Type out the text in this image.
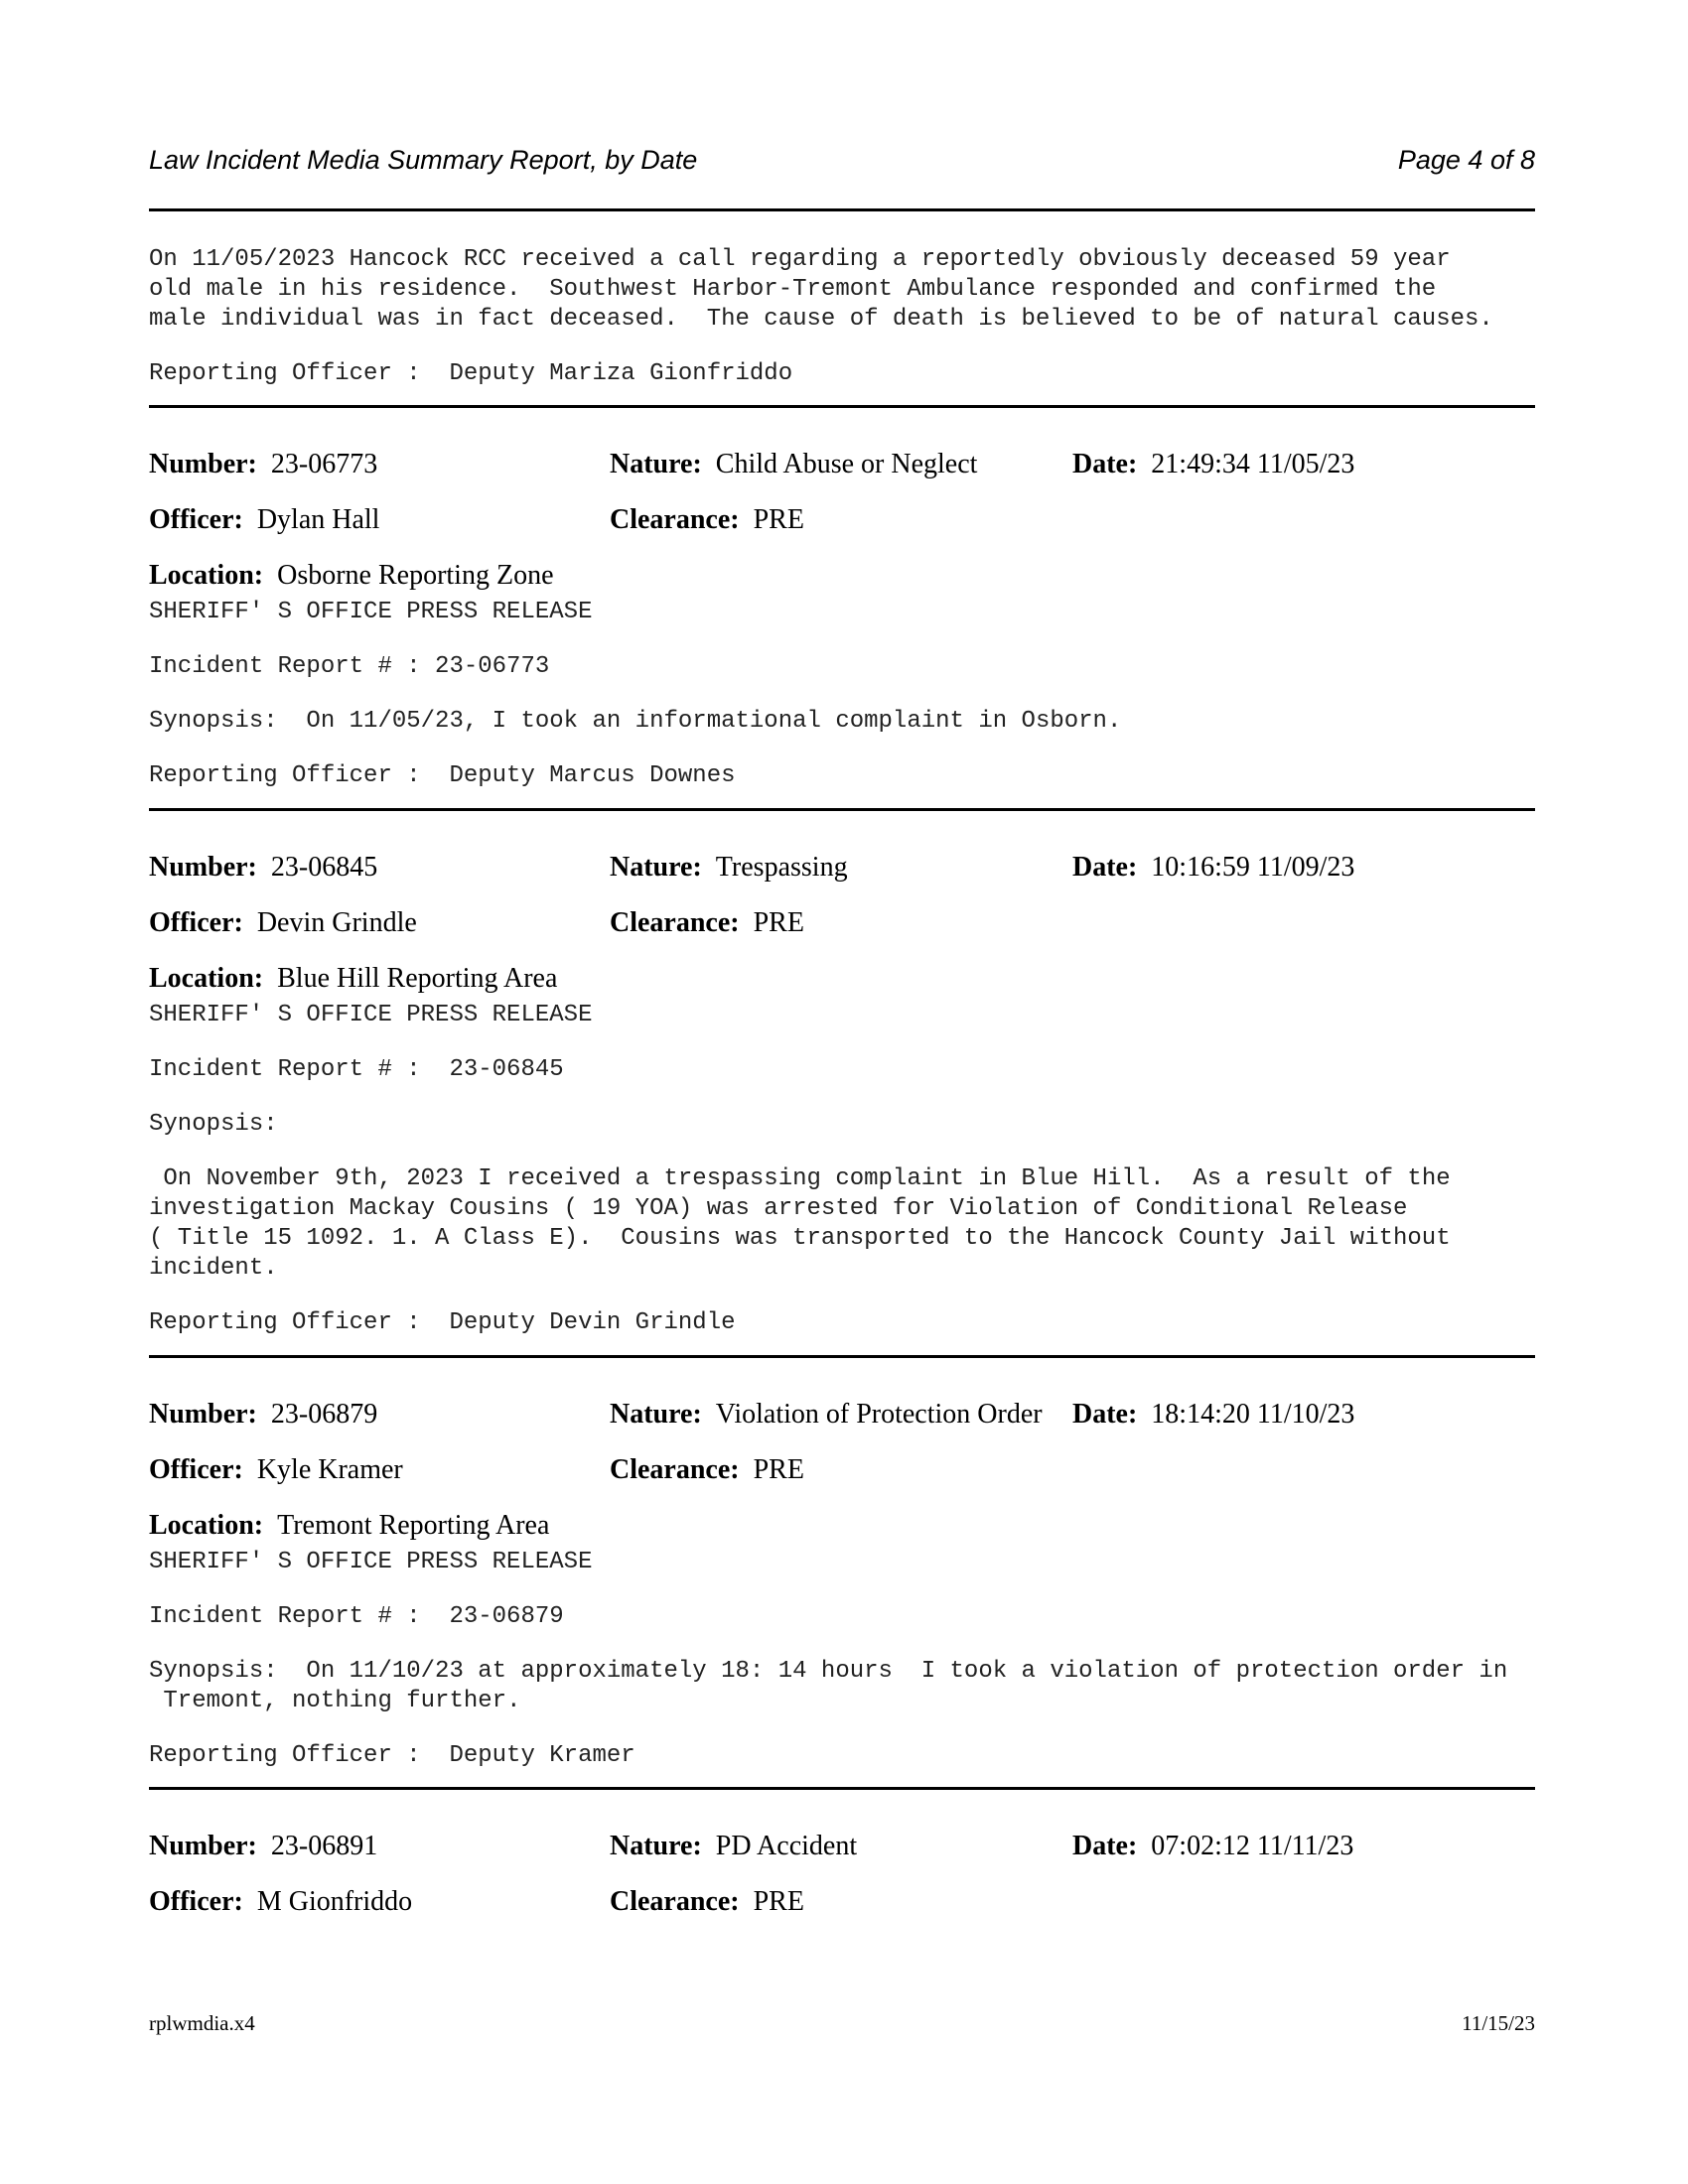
Law Incident Media Summary Report, by Date	Page 4 of 8
On 11/05/2023 Hancock RCC received a call regarding a reportedly obviously deceased 59 year
old male in his residence.  Southwest Harbor-Tremont Ambulance responded and confirmed the
male individual was in fact deceased.  The cause of death is believed to be of natural causes.
Reporting Officer :  Deputy Mariza Gionfriddo
Number: 23-06773	Nature: Child Abuse or Neglect	Date: 21:49:34 11/05/23
Officer: Dylan Hall	Clearance: PRE
Location: Osborne Reporting Zone
SHERIFF' S OFFICE PRESS RELEASE
Incident Report # : 23-06773
Synopsis:  On 11/05/23, I took an informational complaint in Osborn.
Reporting Officer :  Deputy Marcus Downes
Number: 23-06845	Nature: Trespassing	Date: 10:16:59 11/09/23
Officer: Devin Grindle	Clearance: PRE
Location: Blue Hill Reporting Area
SHERIFF' S OFFICE PRESS RELEASE
Incident Report # :  23-06845
Synopsis:
On November 9th, 2023 I received a trespassing complaint in Blue Hill.  As a result of the
investigation Mackay Cousins ( 19 YOA) was arrested for Violation of Conditional Release
( Title 15 1092. 1. A Class E).  Cousins was transported to the Hancock County Jail without
incident.
Reporting Officer :  Deputy Devin Grindle
Number: 23-06879	Nature: Violation of Protection Order Date: 18:14:20 11/10/23
Officer: Kyle Kramer	Clearance: PRE
Location: Tremont Reporting Area
SHERIFF' S OFFICE PRESS RELEASE
Incident Report # :  23-06879
Synopsis:  On 11/10/23 at approximately 18: 14 hours  I took a violation of protection order in
Tremont, nothing further.
Reporting Officer :  Deputy Kramer
Number: 23-06891	Nature: PD Accident	Date: 07:02:12 11/11/23
Officer: M Gionfriddo	Clearance: PRE
rplwmdia.x4	11/15/23
